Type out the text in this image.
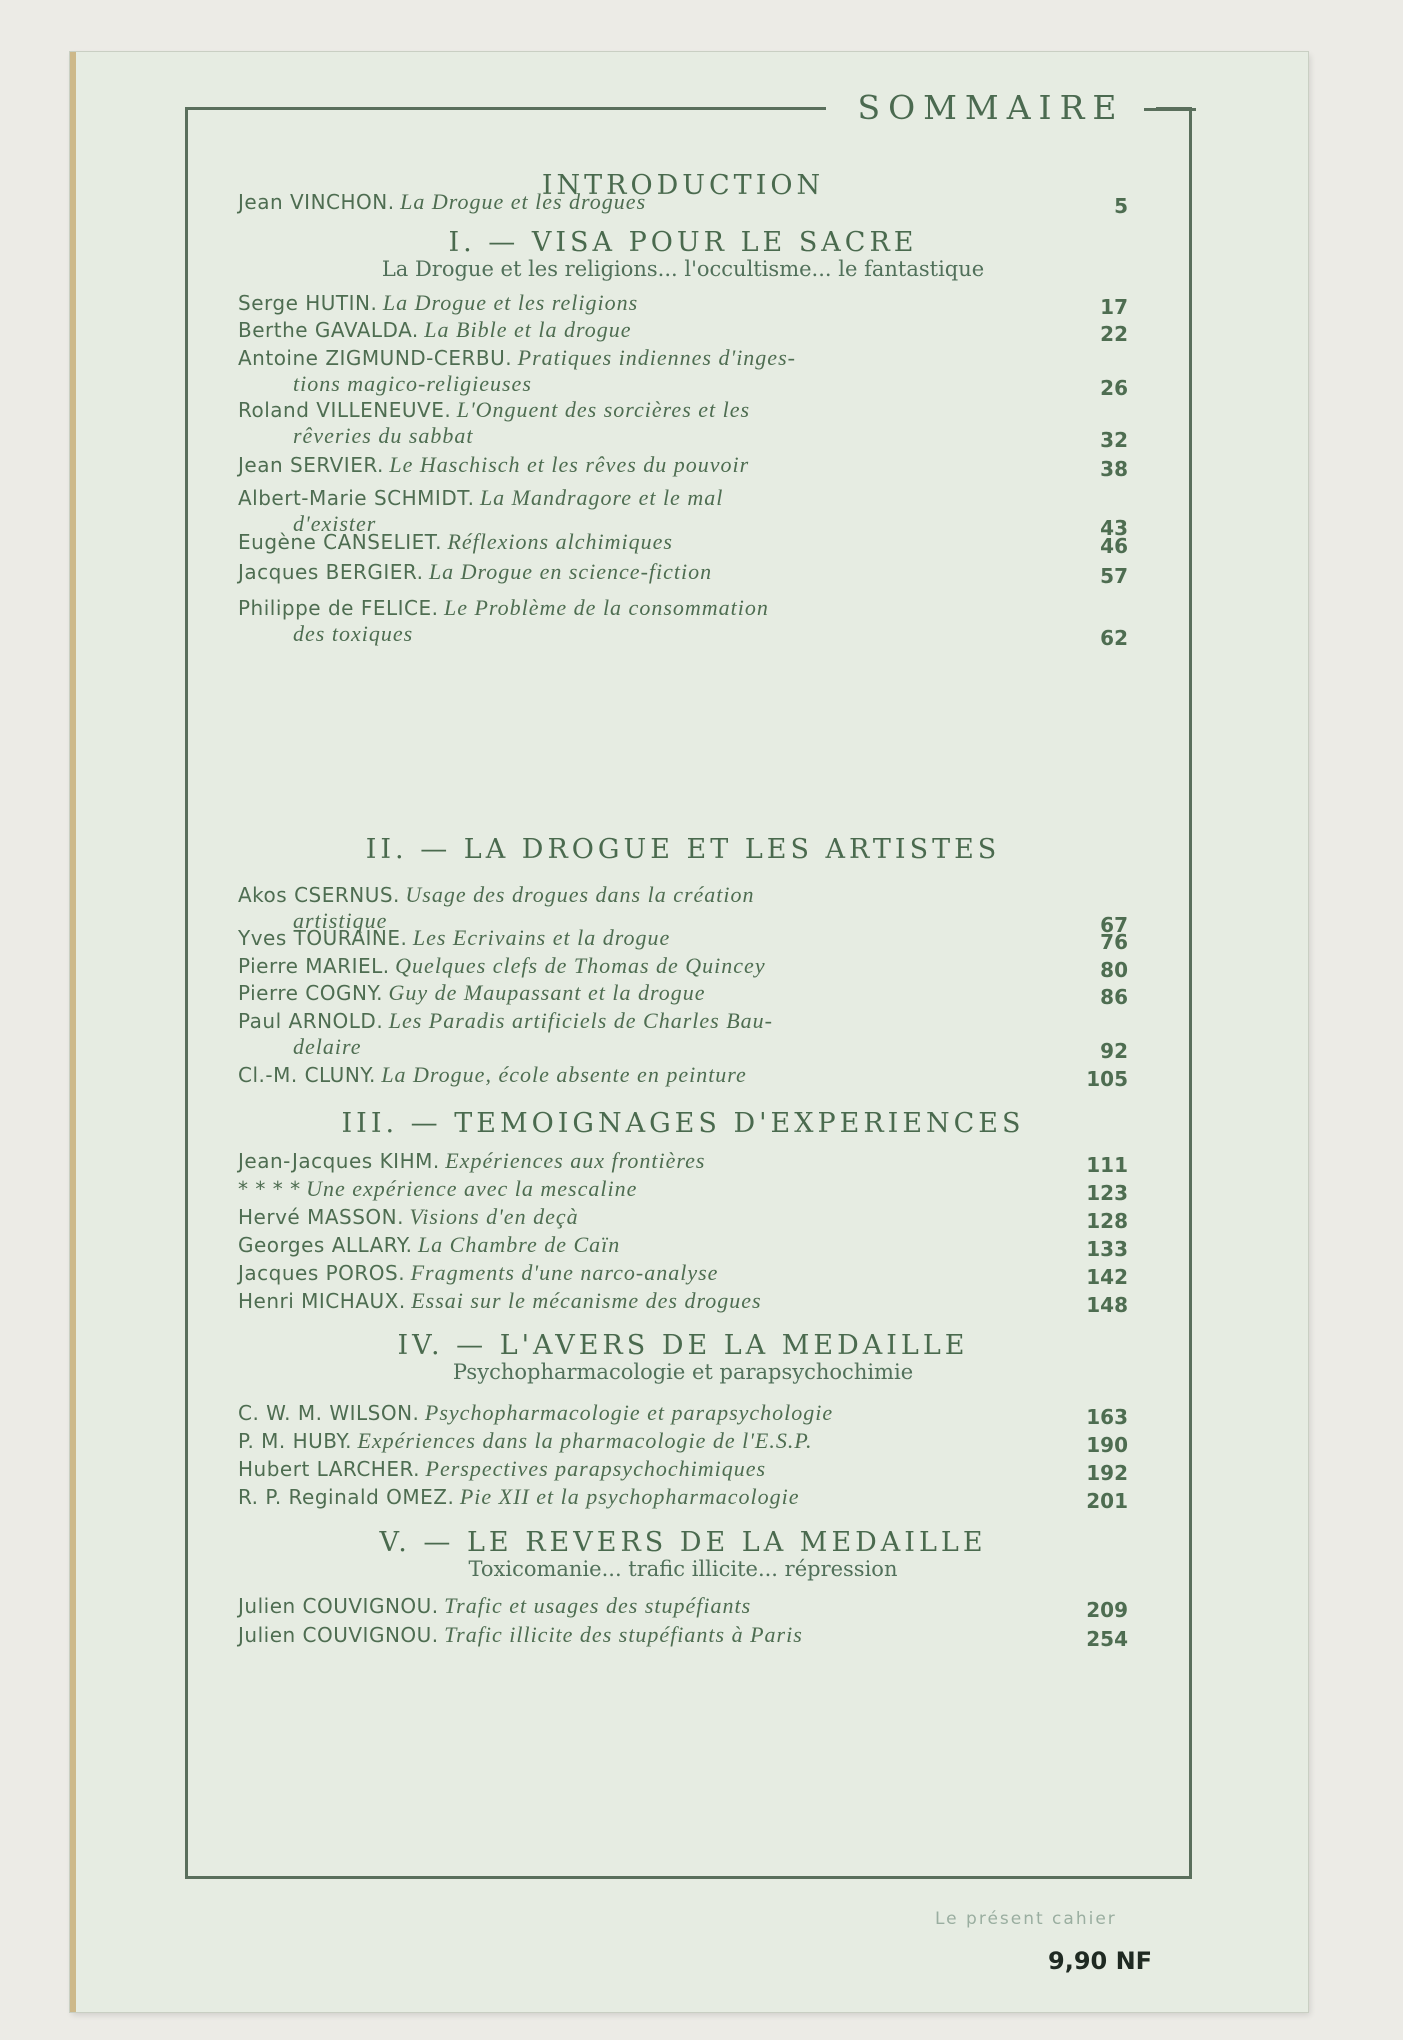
SOMMAIRE
INTRODUCTION
Jean VINCHON. La Drogue et les drogues	5
I. — VISA POUR LE SACRE
La Drogue et les religions... l'occultisme... le fantastique
Serge HUTIN. La Drogue et les religions	17
Berthe GAVALDA. La Bible et la drogue	22
Antoine ZIGMUND-CERBU. Pratiques indiennes d'inges-
tions magico-religieuses	26
Roland VILLENEUVE. L'Onguent des sorcières et les
rêveries du sabbat	32
Jean SERVIER. Le Haschisch et les rêves du pouvoir	38
Albert-Marie SCHMIDT. La Mandragore et le mal
d'exister	43
Eugène CANSELIET. Réflexions alchimiques	46
Jacques BERGIER. La Drogue en science-fiction	57
Philippe de FELICE. Le Problème de la consommation
des toxiques	62
II. — LA DROGUE ET LES ARTISTES
Akos CSERNUS. Usage des drogues dans la création
artistique	67
Yves TOURAINE. Les Ecrivains et la drogue	76
Pierre MARIEL. Quelques clefs de Thomas de Quincey	80
Pierre COGNY. Guy de Maupassant et la drogue	86
Paul ARNOLD. Les Paradis artificiels de Charles Bau-
delaire	92
Cl.-M. CLUNY. La Drogue, école absente en peinture	105
III. — TEMOIGNAGES D'EXPERIENCES
Jean-Jacques KIHM. Expériences aux frontières	111
* * * * Une expérience avec la mescaline	123
Hervé MASSON. Visions d'en deçà	128
Georges ALLARY. La Chambre de Caïn	133
Jacques POROS. Fragments d'une narco-analyse	142
Henri MICHAUX. Essai sur le mécanisme des drogues	148
IV. — L'AVERS DE LA MEDAILLE
Psychopharmacologie et parapsychochimie
C. W. M. WILSON. Psychopharmacologie et parapsychologie	163
P. M. HUBY. Expériences dans la pharmacologie de l'E.S.P.	190
Hubert LARCHER. Perspectives parapsychochimiques	192
R. P. Reginald OMEZ. Pie XII et la psychopharmacologie	201
V. — LE REVERS DE LA MEDAILLE
Toxicomanie... trafic illicite... répression
Julien COUVIGNOU. Trafic et usages des stupéfiants	209
Julien COUVIGNOU. Trafic illicite des stupéfiants à Paris	254
Le présent cahier
9,90 NF
